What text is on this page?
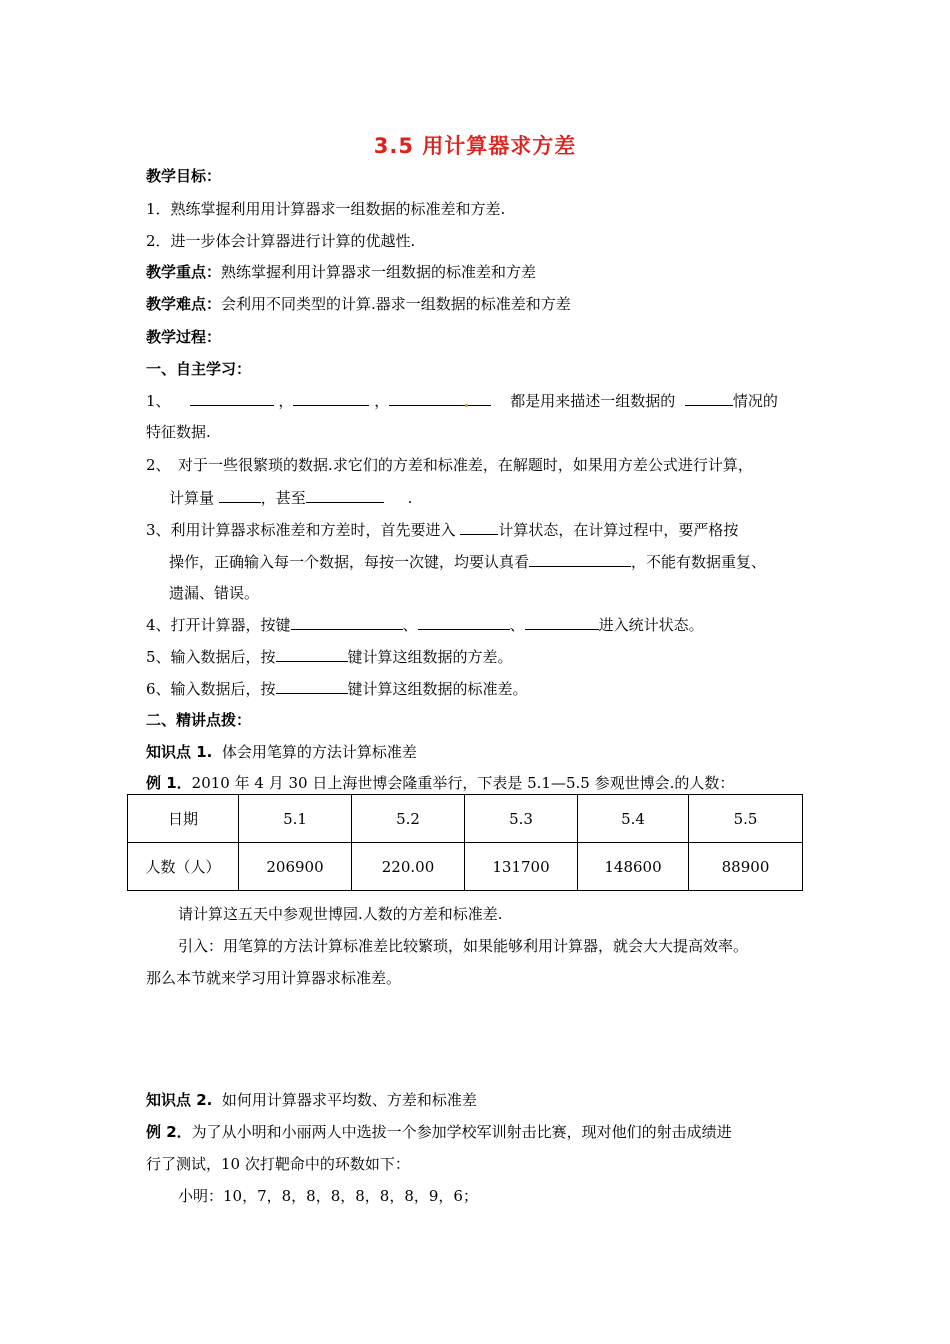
3.5 用计算器求方差
教学目标：
1．熟练掌握利用用计算器求一组数据的标准差和方差.
2．进一步体会计算器进行计算的优越性.
教学重点：熟练掌握利用计算器求一组数据的标准差和方差
教学难点：会利用不同类型的计算.器求一组数据的标准差和方差
教学过程：
一、自主学习：
1、	，	，	都是用来描述一组数据的	情况的
特征数据.
2、　对于一些很繁琐的数据.求它们的方差和标准差，在解题时，如果用方差公式进行计算，
计算量	，甚至	.
3、利用计算器求标准差和方差时，首先要进入	计算状态，在计算过程中，要严格按
操作，正确输入每一个数据，每按一次键，均要认真看	，不能有数据重复、
遗漏、错误。
4、打开计算器，按键	、	、	进入统计状态。
5、输入数据后，按	键计算这组数据的方差。
6、输入数据后，按	键计算这组数据的标准差。
二、精讲点拨：
知识点 1. 体会用笔算的方法计算标准差
例 1．2010 年 4 月 30 日上海世博会隆重举行，下表是 5.1—5.5 参观世博会.的人数：
日期	5.1	5.2	5.3	5.4	5.5
人数（人）	206900	220.00	131700	148600	88900
请计算这五天中参观世博园.人数的方差和标准差.
引入：用笔算的方法计算标准差比较繁琐，如果能够利用计算器，就会大大提高效率。
那么本节就来学习用计算器求标准差。
知识点 2. 如何用计算器求平均数、方差和标准差
例 2．为了从小明和小丽两人中选拔一个参加学校军训射击比赛，现对他们的射击成绩进
行了测试，10 次打靶命中的环数如下：
小明：10，7，8，8，8，8，8，8，9，6；
